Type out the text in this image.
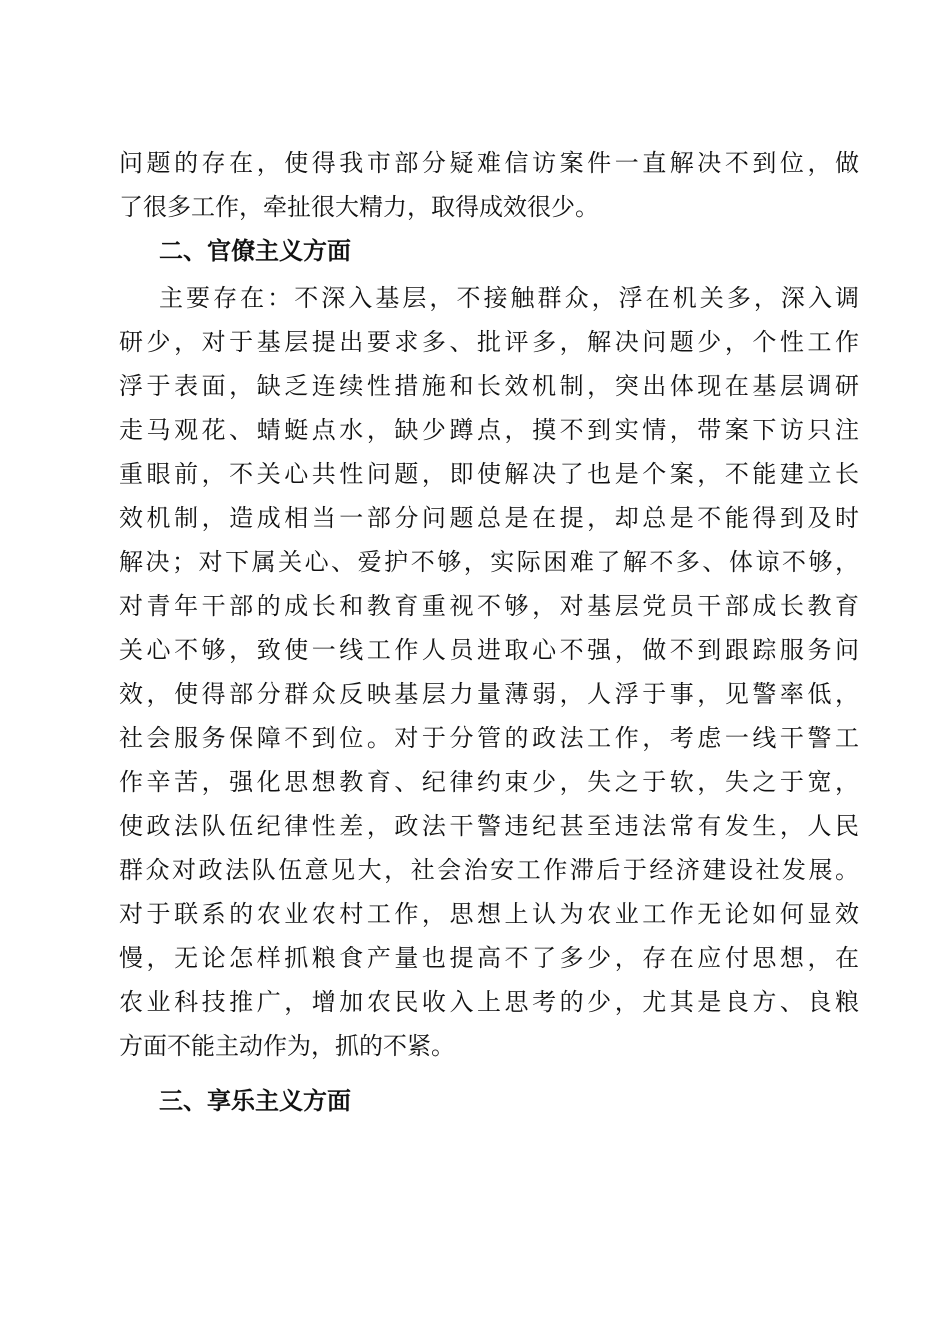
问题的存在，使得我市部分疑难信访案件一直解决不到位，做
了很多工作，牵扯很大精力，取得成效很少。
二、官僚主义方面
主要存在：不深入基层，不接触群众，浮在机关多，深入调
研少，对于基层提出要求多、批评多，解决问题少，个性工作
浮于表面，缺乏连续性措施和长效机制，突出体现在基层调研
走马观花、蜻蜓点水，缺少蹲点，摸不到实情，带案下访只注
重眼前，不关心共性问题，即使解决了也是个案，不能建立长
效机制，造成相当一部分问题总是在提，却总是不能得到及时
解决；对下属关心、爱护不够，实际困难了解不多、体谅不够，
对青年干部的成长和教育重视不够，对基层党员干部成长教育
关心不够，致使一线工作人员进取心不强，做不到跟踪服务问
效，使得部分群众反映基层力量薄弱，人浮于事，见警率低，
社会服务保障不到位。对于分管的政法工作，考虑一线干警工
作辛苦，强化思想教育、纪律约束少，失之于软，失之于宽，
使政法队伍纪律性差，政法干警违纪甚至违法常有发生，人民
群众对政法队伍意见大，社会治安工作滞后于经济建设社发展。
对于联系的农业农村工作，思想上认为农业工作无论如何显效
慢，无论怎样抓粮食产量也提高不了多少，存在应付思想，在
农业科技推广，增加农民收入上思考的少，尤其是良方、良粮
方面不能主动作为，抓的不紧。
三、享乐主义方面
